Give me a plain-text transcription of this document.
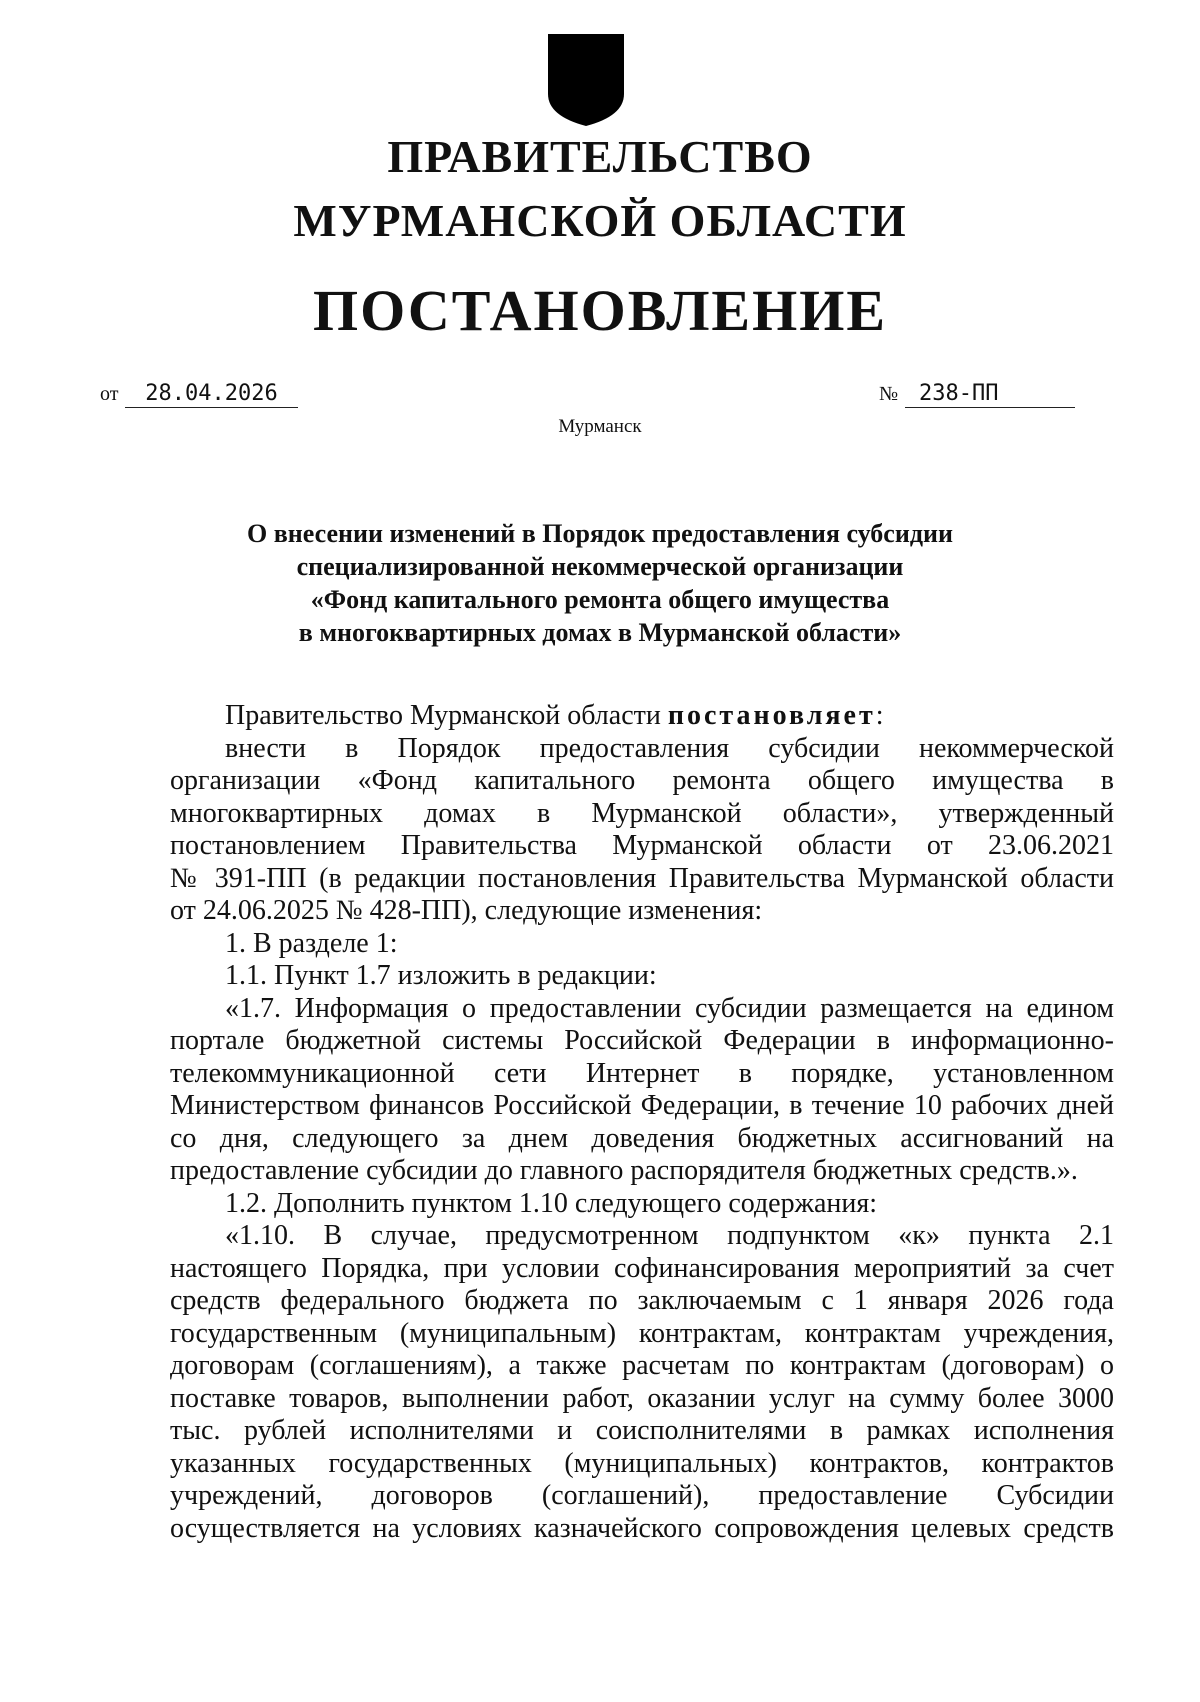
ПРАВИТЕЛЬСТВО
МУРМАНСКОЙ ОБЛАСТИ
ПОСТАНОВЛЕНИЕ
от	28.04.2026	№ 238-ПП
Мурманск
О внесении изменений в Порядок предоставления субсидии
специализированной некоммерческой организации
«Фонд капитального ремонта общего имущества
в многоквартирных домах в Мурманской области»
Правительство Мурманской области постановляет:
внести в Порядок предоставления субсидии некоммерческой
организации «Фонд капитального ремонта общего имущества в
многоквартирных домах в Мурманской области», утвержденный
постановлением Правительства Мурманской области от 23.06.2021
№ 391-ПП (в редакции постановления Правительства Мурманской области
от 24.06.2025 № 428-ПП), следующие изменения:
1. В разделе 1:
1.1. Пункт 1.7 изложить в редакции:
«1.7. Информация о предоставлении субсидии размещается на едином
портале бюджетной системы Российской Федерации в информационно-
телекоммуникационной сети Интернет в порядке, установленном
Министерством финансов Российской Федерации, в течение 10 рабочих дней
со дня, следующего за днем доведения бюджетных ассигнований на
предоставление субсидии до главного распорядителя бюджетных средств.».
1.2. Дополнить пунктом 1.10 следующего содержания:
«1.10. В случае, предусмотренном подпунктом «к» пункта 2.1
настоящего Порядка, при условии софинансирования мероприятий за счет
средств федерального бюджета по заключаемым с 1 января 2026 года
государственным (муниципальным) контрактам, контрактам учреждения,
договорам (соглашениям), а также расчетам по контрактам (договорам) о
поставке товаров, выполнении работ, оказании услуг на сумму более 3000
тыс. рублей исполнителями и соисполнителями в рамках исполнения
указанных государственных (муниципальных) контрактов, контрактов
учреждений, договоров (соглашений), предоставление Субсидии
осуществляется на условиях казначейского сопровождения целевых средств
